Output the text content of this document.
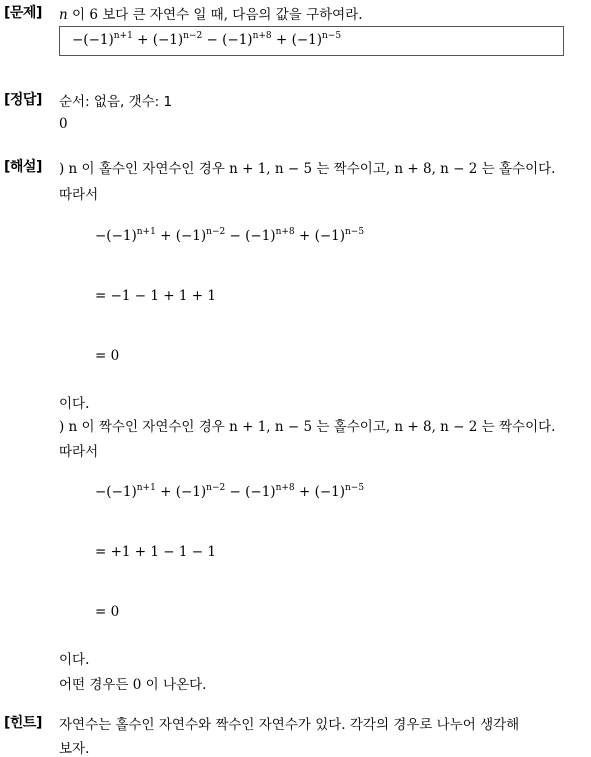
[문제] n 이 6 보다 큰 자연수 일 때, 다음의 값을 구하여라.
$-(-1)^{n+1} + (-1)^{n-2} - (-1)^{n+8} + (-1)^{n-5}$
[정답] 순서: 없음, 갯수: 1
0
[해설] ) n 이 홀수인 자연수인 경우 n + 1, n − 5 는 짝수이고, n + 8, n − 2 는 홀수이다.
따라서
$-(-1)^{n+1} + (-1)^{n-2} - (-1)^{n+8} + (-1)^{n-5}$
= −1 − 1 + 1 + 1
= 0
이다.
) n 이 짝수인 자연수인 경우 n + 1, n − 5 는 홀수이고, n + 8, n − 2 는 짝수이다.
따라서
$-(-1)^{n+1} + (-1)^{n-2} - (-1)^{n+8} + (-1)^{n-5}$
= +1 + 1 − 1 − 1
= 0
이다.
어떤 경우든 0 이 나온다.
[힌트] 자연수는 홀수인 자연수와 짝수인 자연수가 있다. 각각의 경우로 나누어 생각해
보자.
